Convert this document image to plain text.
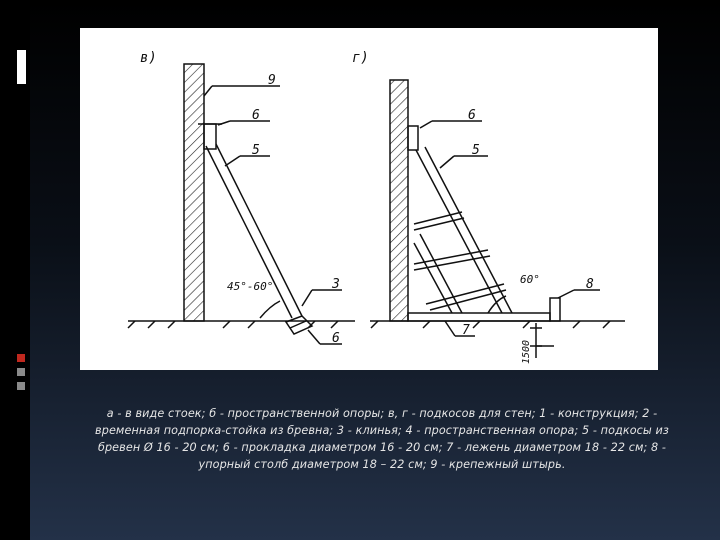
в)	г)
9
6
5
3
6
45°-60°
6
5
8
7
60°
1500
а - в виде стоек; б - пространственной опоры; в, г - подкосов для стен; 1 - конструкция; 2 - временная подпорка-стойка из бревна; 3 - клинья; 4 - пространственная опора; 5 - подкосы из бревен Ø 16 - 20 см; 6 - прокладка диаметром 16 - 20 см; 7 - лежень диаметром 18 - 22 см; 8 - упорный столб диаметром 18 – 22 см; 9 - крепежный штырь.
